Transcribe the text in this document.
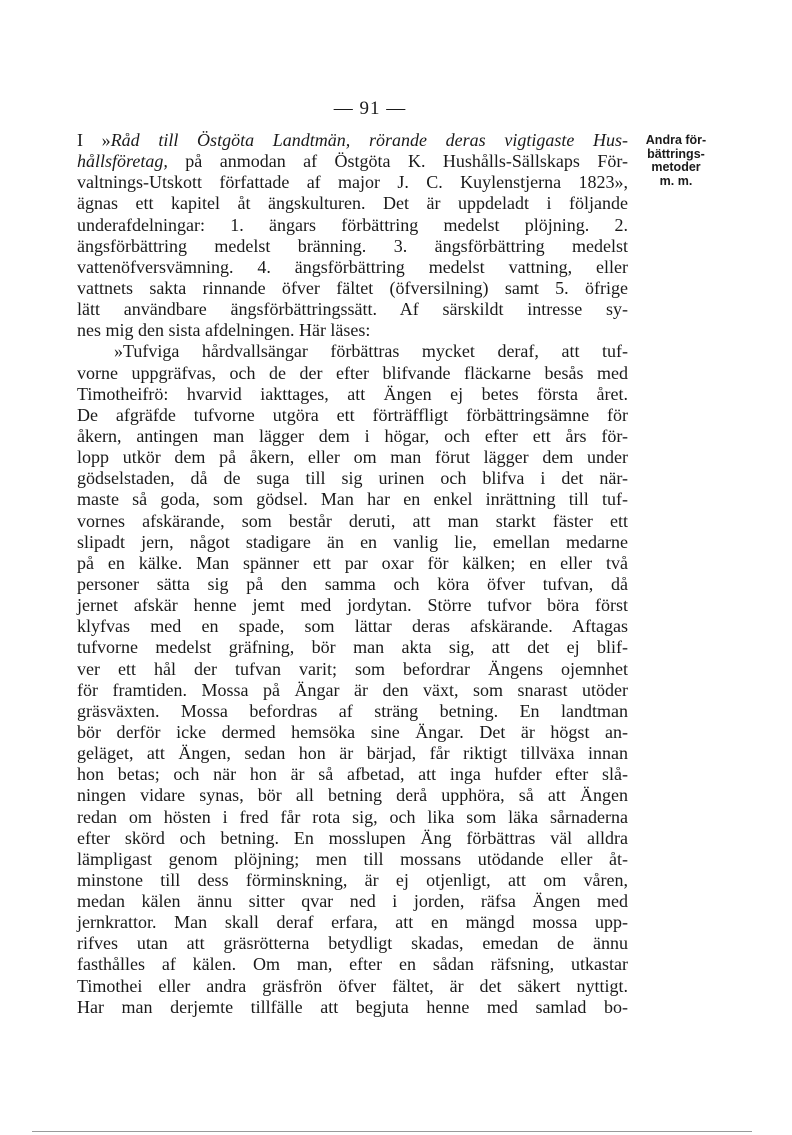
— 91 —
I »Råd till Östgöta Landtmän, rörande deras vigtigaste Hus-
hållsföretag, på anmodan af Östgöta K. Hushålls-Sällskaps För-
valtnings-Utskott författade af major J. C. Kuylenstjerna 1823»,
ägnas ett kapitel åt ängskulturen. Det är uppdeladt i följande
underafdelningar: 1. ängars förbättring medelst plöjning. 2.
ängsförbättring medelst bränning. 3. ängsförbättring medelst
vattenöfversvämning. 4. ängsförbättring medelst vattning, eller
vattnets sakta rinnande öfver fältet (öfversilning) samt 5. öfrige
lätt användbare ängsförbättringssätt. Af särskildt intresse sy-
nes mig den sista afdelningen. Här läses:
»Tufviga hårdvallsängar förbättras mycket deraf, att tuf-
vorne uppgräfvas, och de der efter blifvande fläckarne besås med
Timotheifrö: hvarvid iakttages, att Ängen ej betes första året.
De afgräfde tufvorne utgöra ett förträffligt förbättringsämne för
åkern, antingen man lägger dem i högar, och efter ett års för-
lopp utkör dem på åkern, eller om man förut lägger dem under
gödselstaden, då de suga till sig urinen och blifva i det när-
maste så goda, som gödsel. Man har en enkel inrättning till tuf-
vornes afskärande, som består deruti, att man starkt fäster ett
slipadt jern, något stadigare än en vanlig lie, emellan medarne
på en kälke. Man spänner ett par oxar för kälken; en eller två
personer sätta sig på den samma och köra öfver tufvan, då
jernet afskär henne jemt med jordytan. Större tufvor böra först
klyfvas med en spade, som lättar deras afskärande. Aftagas
tufvorne medelst gräfning, bör man akta sig, att det ej blif-
ver ett hål der tufvan varit; som befordrar Ängens ojemnhet
för framtiden. Mossa på Ängar är den växt, som snarast utöder
gräsväxten. Mossa befordras af sträng betning. En landtman
bör derför icke dermed hemsöka sine Ängar. Det är högst an-
geläget, att Ängen, sedan hon är bärjad, får riktigt tillväxa innan
hon betas; och när hon är så afbetad, att inga hufder efter slå-
ningen vidare synas, bör all betning derå upphöra, så att Ängen
redan om hösten i fred får rota sig, och lika som läka sårnaderna
efter skörd och betning. En mosslupen Äng förbättras väl alldra
lämpligast genom plöjning; men till mossans utödande eller åt-
minstone till dess förminskning, är ej otjenligt, att om våren,
medan kälen ännu sitter qvar ned i jorden, räfsa Ängen med
jernkrattor. Man skall deraf erfara, att en mängd mossa upp-
rifves utan att gräsrötterna betydligt skadas, emedan de ännu
fasthålles af kälen. Om man, efter en sådan räfsning, utkastar
Timothei eller andra gräsfrön öfver fältet, är det säkert nyttigt.
Har man derjemte tillfälle att begjuta henne med samlad bo-
Andra för-
bättrings-
metoder
m. m.
